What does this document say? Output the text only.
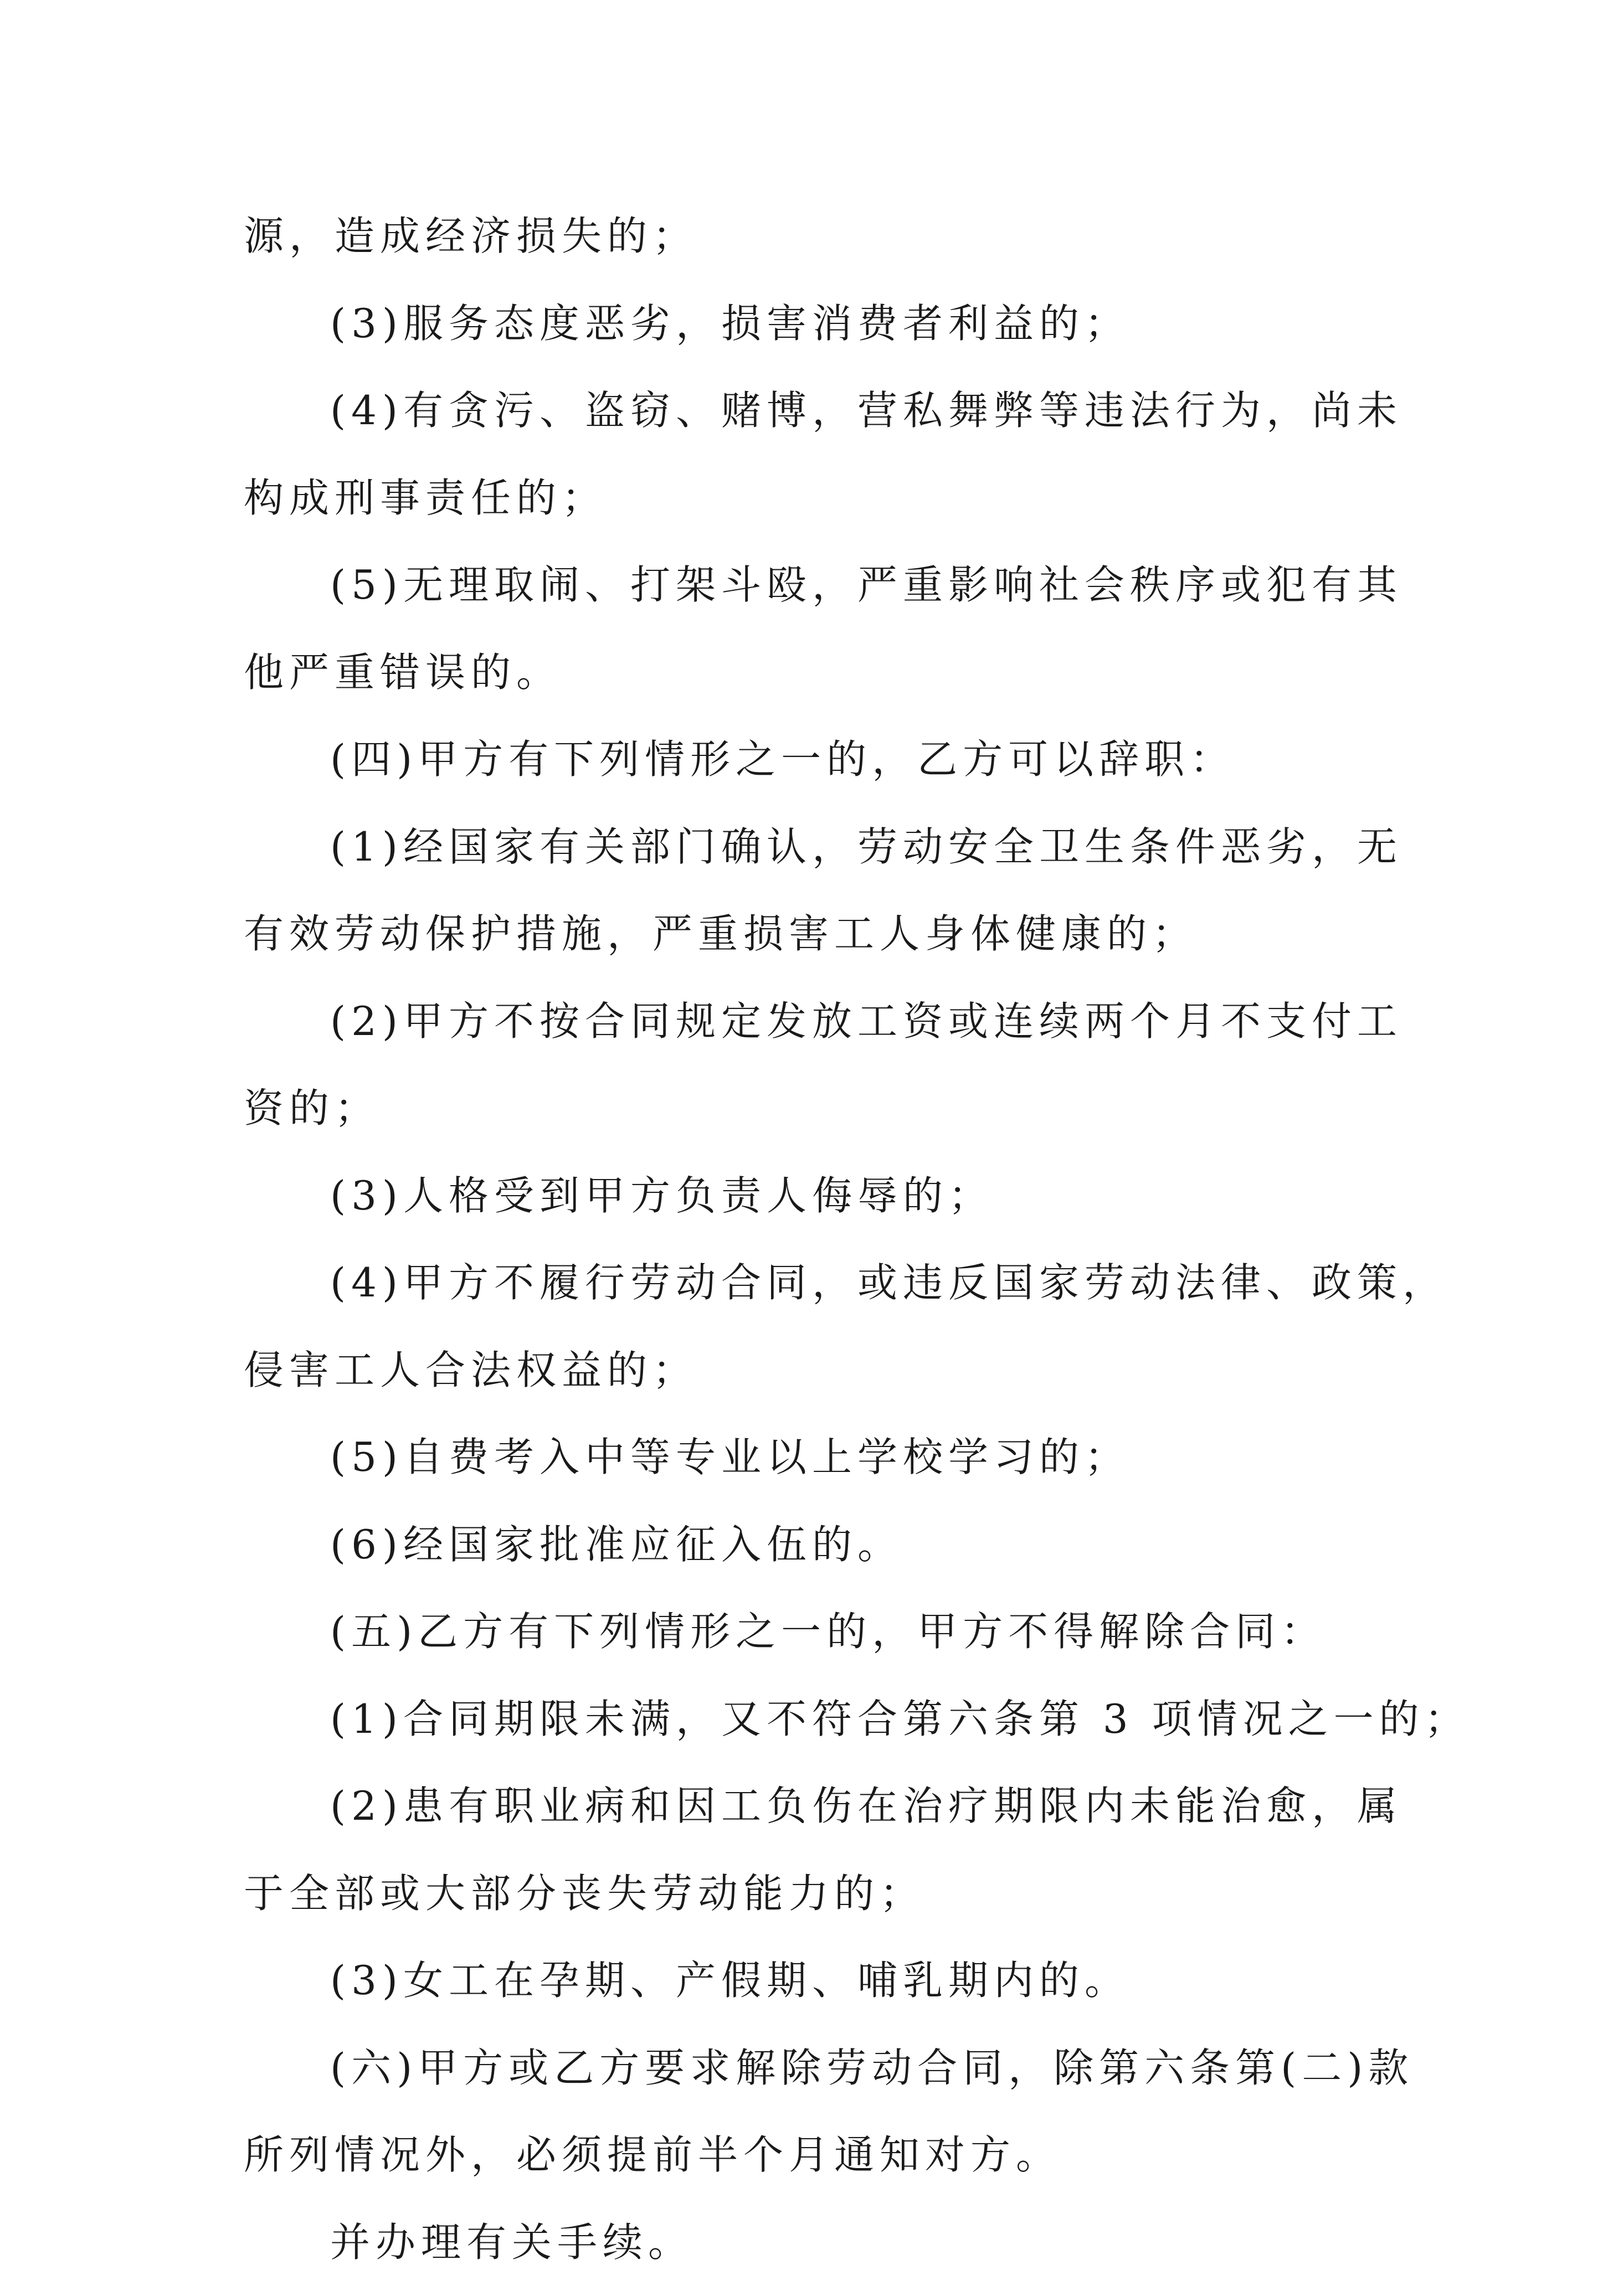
源，造成经济损失的；
(3)服务态度恶劣，损害消费者利益的；
(4)有贪污、盗窃、赌博，营私舞弊等违法行为，尚未
构成刑事责任的；
(5)无理取闹、打架斗殴，严重影响社会秩序或犯有其
他严重错误的。
(四)甲方有下列情形之一的，乙方可以辞职：
(1)经国家有关部门确认，劳动安全卫生条件恶劣，无
有效劳动保护措施，严重损害工人身体健康的；
(2)甲方不按合同规定发放工资或连续两个月不支付工
资的；
(3)人格受到甲方负责人侮辱的；
(4)甲方不履行劳动合同，或违反国家劳动法律、政策，
侵害工人合法权益的；
(5)自费考入中等专业以上学校学习的；
(6)经国家批准应征入伍的。
(五)乙方有下列情形之一的，甲方不得解除合同：
(1)合同期限未满，又不符合第六条第 3 项情况之一的；
(2)患有职业病和因工负伤在治疗期限内未能治愈，属
于全部或大部分丧失劳动能力的；
(3)女工在孕期、产假期、哺乳期内的。
(六)甲方或乙方要求解除劳动合同，除第六条第(二)款
所列情况外，必须提前半个月通知对方。
并办理有关手续。
